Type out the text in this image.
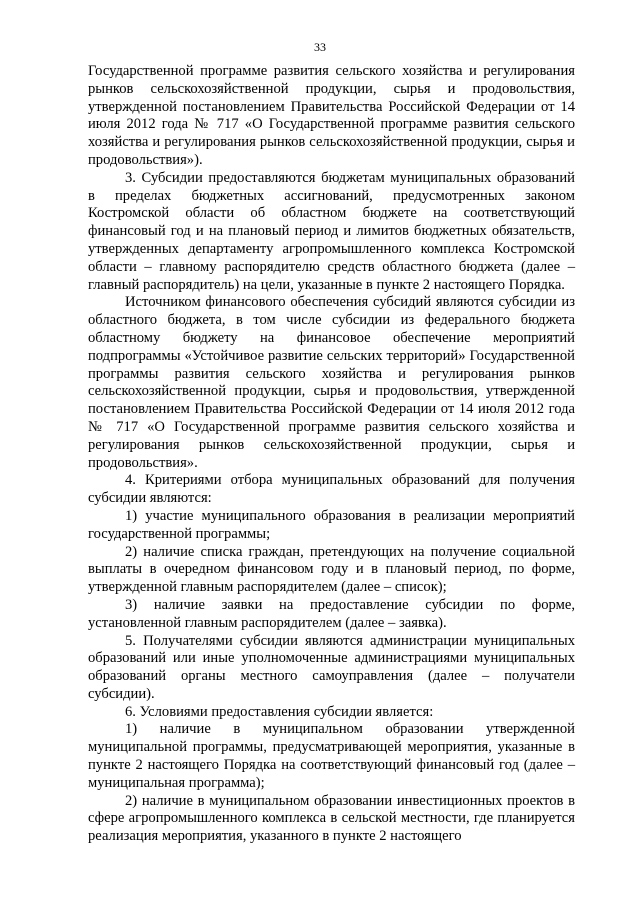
33

Государственной программе развития сельского хозяйства и регулирования рынков сельскохозяйственной продукции, сырья и продовольствия, утвержденной постановлением Правительства Российской Федерации от 14 июля 2012 года № 717 «О Государственной программе развития сельского хозяйства и регулирования рынков сельскохозяйственной продукции, сырья и продовольствия»).

3. Субсидии предоставляются бюджетам муниципальных образований в пределах бюджетных ассигнований, предусмотренных законом Костромской области об областном бюджете на соответствующий финансовый год и на плановый период и лимитов бюджетных обязательств, утвержденных департаменту агропромышленного комплекса Костромской области – главному распорядителю средств областного бюджета (далее – главный распорядитель) на цели, указанные в пункте 2 настоящего Порядка.

Источником финансового обеспечения субсидий являются субсидии из областного бюджета, в том числе субсидии из федерального бюджета областному бюджету на финансовое обеспечение мероприятий подпрограммы «Устойчивое развитие сельских территорий» Государственной программы развития сельского хозяйства и регулирования рынков сельскохозяйственной продукции, сырья и продовольствия, утвержденной постановлением Правительства Российской Федерации от 14 июля 2012 года № 717 «О Государственной программе развития сельского хозяйства и регулирования рынков сельскохозяйственной продукции, сырья и продовольствия».

4. Критериями отбора муниципальных образований для получения субсидии являются:

1) участие муниципального образования в реализации мероприятий государственной программы;

2) наличие списка граждан, претендующих на получение социальной выплаты в очередном финансовом году и в плановый период, по форме, утвержденной главным распорядителем (далее – список);

3) наличие заявки на предоставление субсидии по форме, установленной главным распорядителем (далее – заявка).

5. Получателями субсидии являются администрации муниципальных образований или иные уполномоченные администрациями муниципальных образований органы местного самоуправления (далее – получатели субсидии).

6. Условиями предоставления субсидии является:

1) наличие в муниципальном образовании утвержденной муниципальной программы, предусматривающей мероприятия, указанные в пункте 2 настоящего Порядка на соответствующий финансовый год (далее – муниципальная программа);

2) наличие в муниципальном образовании инвестиционных проектов в сфере агропромышленного комплекса в сельской местности, где планируется реализация мероприятия, указанного в пункте 2 настоящего
